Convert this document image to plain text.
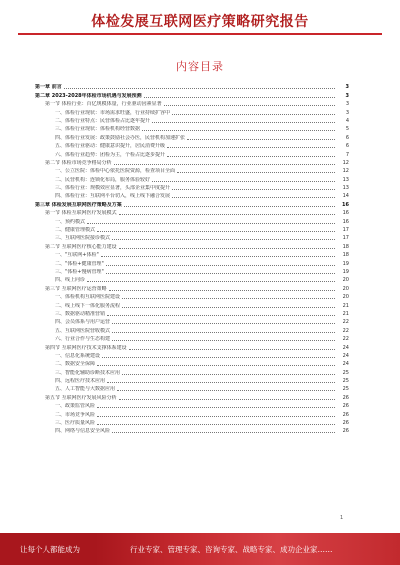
体检发展互联网医疗策略研究报告
内容目录
第一章 前言	3
第二章 2023-2028年体检市场机遇与发展预测	3
第一节 体检行业：百亿规模体量，行业驱动因素显著	3
一、体检行业现状：市场需求旺盛，行业持续扩容中	3
二、体检行业特点：民营体检占比逐年提升	4
三、体检行业现状：体检机构经营数据	5
四、体检行业发展：政策鼓励社会办医，民营机构加速扩张	6
五、体检行业驱动：健康意识提升，居民消费升级	6
六、体检行业趋势：团检为主，个检占比逐步提升	7
第二节 体检市场竞争格局分析	12
一、公立医院：体检中心依托医院资源，检查项目全面	12
二、民营机构：连锁化布局，服务体验较好	13
三、体检行业：规模效应显著，头部企业集中度提升	13
四、体检行业：互联网平台切入，线上线下融合发展	14
第三章 体检发展互联网医疗策略及方案	16
第一节 体检互联网医疗发展模式	16
一、预约模式	16
二、健康管理模式	17
三、互联网医院接诊模式	17
第二节 互联网医疗核心能力建设	18
一、"互联网+体检"	18
二、"体检+健康管理"	19
三、"体检+慢病管理"	19
四、线上问诊	20
第三节 互联网医疗运营策略	20
一、体检机构互联网医院建设	20
二、线上线下一体化服务流程	21
三、数据驱动精准营销	21
四、会员体系与用户运营	22
五、互联网医院营收模式	22
六、行业合作与生态构建	22
第四节 互联网医疗技术支撑体系建设	24
一、信息化系统建设	24
二、数据安全保障	24
三、智能化辅助诊断技术应用	25
四、远程医疗技术应用	25
五、人工智能与大数据应用	25
第五节 互联网医疗发展风险分析	26
一、政策监管风险	26
二、市场竞争风险	26
三、医疗质量风险	26
四、网络与信息安全风险	26
1
让每个人都能成为	行业专家、管理专家、咨询专家、战略专家、成功企业家……
